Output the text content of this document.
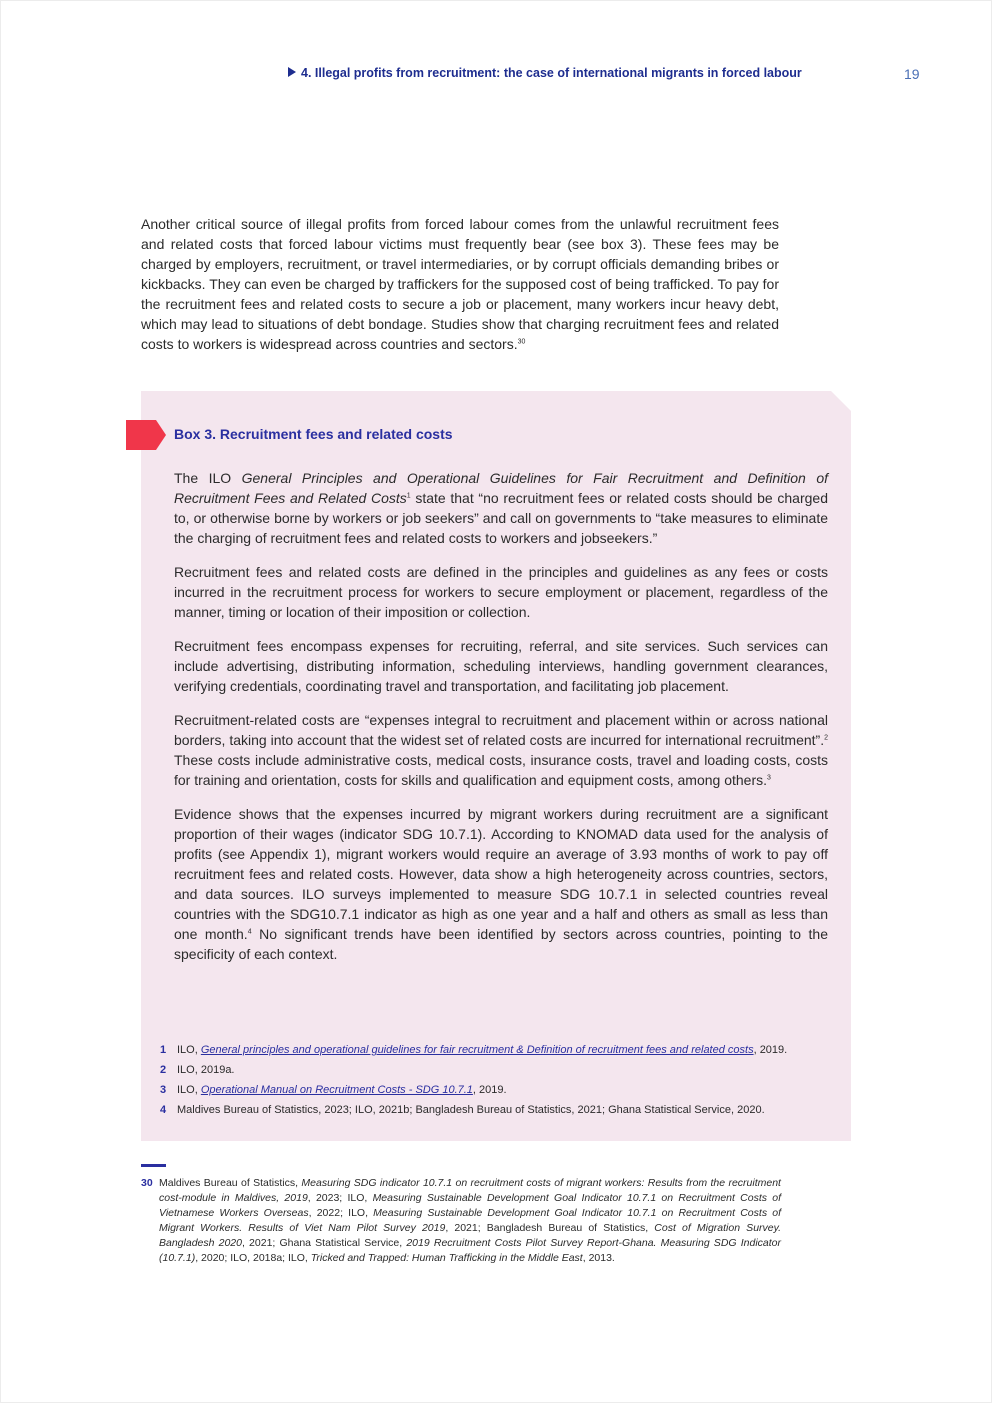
4. Illegal profits from recruitment: the case of international migrants in forced labour	19

Another critical source of illegal profits from forced labour comes from the unlawful recruitment fees and related costs that forced labour victims must frequently bear (see box 3). These fees may be charged by employers, recruitment, or travel intermediaries, or by corrupt officials demanding bribes or kickbacks. They can even be charged by traffickers for the supposed cost of being trafficked. To pay for the recruitment fees and related costs to secure a job or placement, many workers incur heavy debt, which may lead to situations of debt bondage. Studies show that charging recruitment fees and related costs to workers is widespread across countries and sectors.$^{30}$

Box 3. Recruitment fees and related costs

The ILO General Principles and Operational Guidelines for Fair Recruitment and Definition of Recruitment Fees and Related Costs$^1$ state that “no recruitment fees or related costs should be charged to, or otherwise borne by workers or job seekers” and call on governments to “take measures to eliminate the charging of recruitment fees and related costs to workers and jobseekers.”

Recruitment fees and related costs are defined in the principles and guidelines as any fees or costs incurred in the recruitment process for workers to secure employment or placement, regardless of the manner, timing or location of their imposition or collection.

Recruitment fees encompass expenses for recruiting, referral, and site services. Such services can include advertising, distributing information, scheduling interviews, handling government clearances, verifying credentials, coordinating travel and transportation, and facilitating job placement.

Recruitment-related costs are “expenses integral to recruitment and placement within or across national borders, taking into account that the widest set of related costs are incurred for international recruitment”.$^2$ These costs include administrative costs, medical costs, insurance costs, travel and loading costs, costs for training and orientation, costs for skills and qualification and equipment costs, among others.$^3$

Evidence shows that the expenses incurred by migrant workers during recruitment are a significant proportion of their wages (indicator SDG 10.7.1). According to KNOMAD data used for the analysis of profits (see Appendix 1), migrant workers would require an average of 3.93 months of work to pay off recruitment fees and related costs. However, data show a high heterogeneity across countries, sectors, and data sources. ILO surveys implemented to measure SDG 10.7.1 in selected countries reveal countries with the SDG10.7.1 indicator as high as one year and a half and others as small as less than one month.$^4$ No significant trends have been identified by sectors across countries, pointing to the specificity of each context.

1 ILO, General principles and operational guidelines for fair recruitment & Definition of recruitment fees and related costs, 2019.
2 ILO, 2019a.
3 ILO, Operational Manual on Recruitment Costs - SDG 10.7.1, 2019.
4 Maldives Bureau of Statistics, 2023; ILO, 2021b; Bangladesh Bureau of Statistics, 2021; Ghana Statistical Service, 2020.
30 Maldives Bureau of Statistics, Measuring SDG indicator 10.7.1 on recruitment costs of migrant workers: Results from the recruitment cost-module in Maldives, 2019, 2023; ILO, Measuring Sustainable Development Goal Indicator 10.7.1 on Recruitment Costs of Vietnamese Workers Overseas, 2022; ILO, Measuring Sustainable Development Goal Indicator 10.7.1 on Recruitment Costs of Migrant Workers. Results of Viet Nam Pilot Survey 2019, 2021; Bangladesh Bureau of Statistics, Cost of Migration Survey. Bangladesh 2020, 2021; Ghana Statistical Service, 2019 Recruitment Costs Pilot Survey Report-Ghana. Measuring SDG Indicator (10.7.1), 2020; ILO, 2018a; ILO, Tricked and Trapped: Human Trafficking in the Middle East, 2013.
